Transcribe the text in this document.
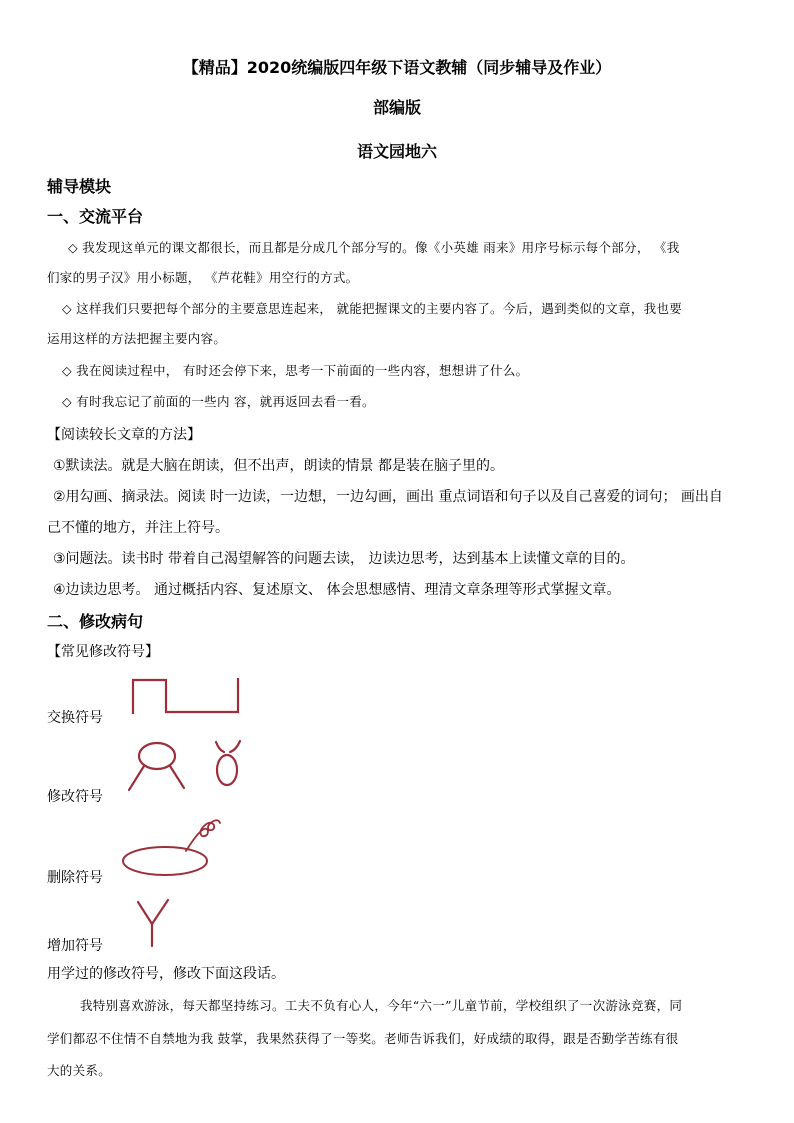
【精品】2020统编版四年级下语文教辅（同步辅导及作业）
部编版
语文园地六
辅导模块
一、交流平台
◇ 我发现这单元的课文都很长，而且都是分成几个部分写的。像《小英雄 雨来》用序号标示每个部分， 《我
们家的男子汉》用小标题， 《芦花鞋》用空行的方式。
◇ 这样我们只要把每个部分的主要意思连起来， 就能把握课文的主要内容了。今后，遇到类似的文章，我也要
运用这样的方法把握主要内容。
◇ 我在阅读过程中， 有时还会停下来，思考一下前面的一些内容，想想讲了什么。
◇ 有时我忘记了前面的一些内 容，就再返回去看一看。
【阅读较长文章的方法】
①默读法。就是大脑在朗读，但不出声，朗读的情景 都是装在脑子里的。
②用勾画、摘录法。阅读 时一边读，一边想，一边勾画，画出 重点词语和句子以及自己喜爱的词句； 画出自
己不懂的地方，并注上符号。
③问题法。读书时 带着自己渴望解答的问题去读， 边读边思考，达到基本上读懂文章的目的。
④边读边思考。 通过概括内容、复述原文、 体会思想感情、理清文章条理等形式掌握文章。
二、修改病句
【常见修改符号】
交换符号
修改符号
删除符号
增加符号
用学过的修改符号，修改下面这段话。
我特别喜欢游泳，每天都坚持练习。工夫不负有心人，今年“六一”儿童节前，学校组织了一次游泳竞赛，同
学们都忍不住情不自禁地为我 鼓掌，我果然获得了一等奖。老师告诉我们，好成绩的取得，跟是否勤学苦练有很
大的关系。
